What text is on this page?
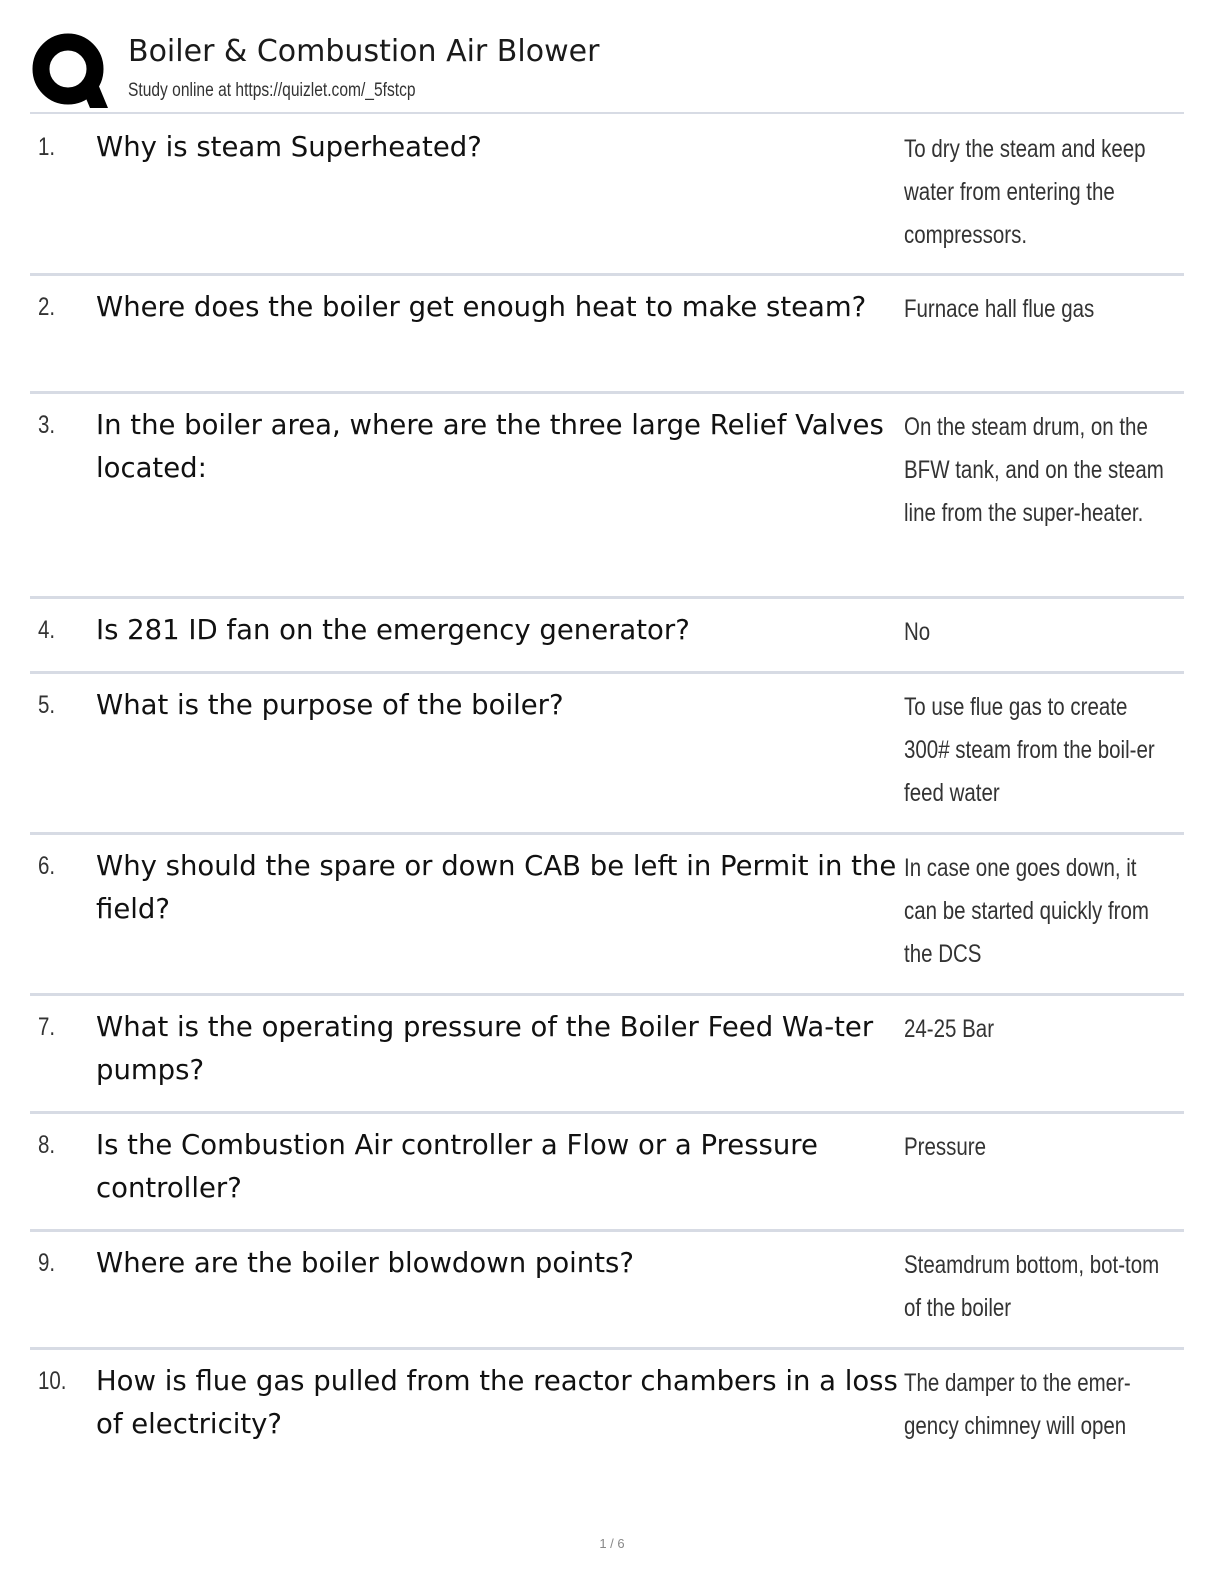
Boiler & Combustion Air Blower
Study online at https://quizlet.com/_5fstcp
1. Why is steam Superheated?	To dry the steam and keep water from entering the compressors.
2. Where does the boiler get enough heat to make steam?	Furnace hall flue gas
3. In the boiler area, where are the three large Relief Valves located:
On the steam drum, on the BFW tank, and on the steam line from the super-heater.
4. Is 281 ID fan on the emergency generator?	No
5. What is the purpose of the boiler?	To use flue gas to create 300# steam from the boil-er feed water
6. Why should the spare or down CAB be left in Permit in the field?
In case one goes down, it can be started quickly from the DCS
7. What is the operating pressure of the Boiler Feed Wa-ter pumps?
24-25 Bar
8. Is the Combustion Air controller a Flow or a Pressure controller?
Pressure
9. Where are the boiler blowdown points?	Steamdrum bottom, bot-tom of the boiler
10. How is flue gas pulled from the reactor chambers in a loss of electricity?
The damper to the emer-gency chimney will open
1 / 6
